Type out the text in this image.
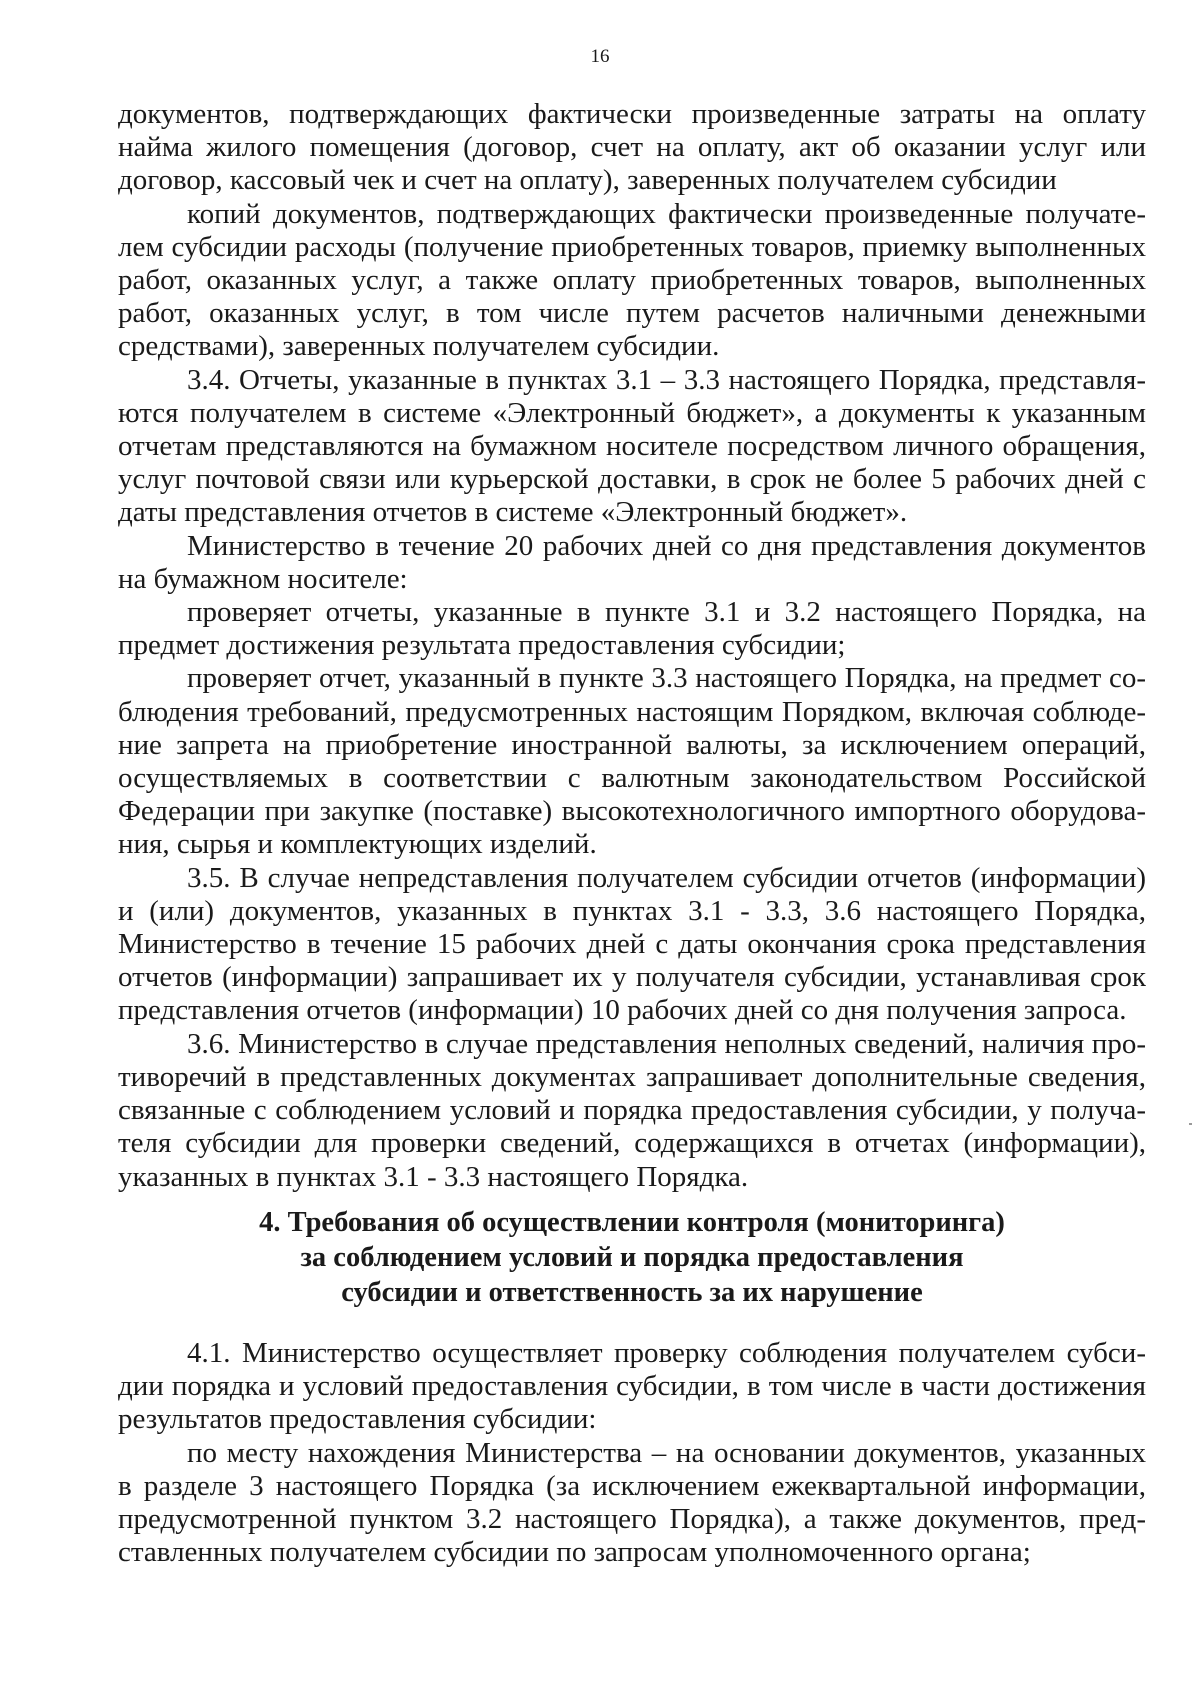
16

документов, подтверждающих фактически произведенные затраты на оплату найма жилого помещения (договор, счет на оплату, акт об оказании услуг или договор, кассовый чек и счет на оплату), заверенных получателем субсидии

копий документов, подтверждающих фактически произведенные получателем субсидии расходы (получение приобретенных товаров, приемку выполненных работ, оказанных услуг, а также оплату приобретенных товаров, выполненных работ, оказанных услуг, в том числе путем расчетов наличными денежными средствами), заверенных получателем субсидии.

3.4. Отчеты, указанные в пунктах 3.1 – 3.3 настоящего Порядка, представляются получателем в системе «Электронный бюджет», а документы к указанным отчетам представляются на бумажном носителе посредством личного обращения, услуг почтовой связи или курьерской доставки, в срок не более 5 рабочих дней с даты представления отчетов в системе «Электронный бюджет».

Министерство в течение 20 рабочих дней со дня представления документов на бумажном носителе:

проверяет отчеты, указанные в пункте 3.1 и 3.2 настоящего Порядка, на предмет достижения результата предоставления субсидии;

проверяет отчет, указанный в пункте 3.3 настоящего Порядка, на предмет соблюдения требований, предусмотренных настоящим Порядком, включая соблюдение запрета на приобретение иностранной валюты, за исключением операций, осуществляемых в соответствии с валютным законодательством Российской Федерации при закупке (поставке) высокотехнологичного импортного оборудования, сырья и комплектующих изделий.

3.5. В случае непредставления получателем субсидии отчетов (информации) и (или) документов, указанных в пунктах 3.1 - 3.3, 3.6 настоящего Порядка, Министерство в течение 15 рабочих дней с даты окончания срока представления отчетов (информации) запрашивает их у получателя субсидии, устанавливая срок представления отчетов (информации) 10 рабочих дней со дня получения запроса.

3.6. Министерство в случае представления неполных сведений, наличия противоречий в представленных документах запрашивает дополнительные сведения, связанные с соблюдением условий и порядка предоставления субсидии, у получателя субсидии для проверки сведений, содержащихся в отчетах (информации), указанных в пунктах 3.1 - 3.3 настоящего Порядка.

4. Требования об осуществлении контроля (мониторинга)
за соблюдением условий и порядка предоставления
субсидии и ответственность за их нарушение

4.1. Министерство осуществляет проверку соблюдения получателем субсидии порядка и условий предоставления субсидии, в том числе в части достижения результатов предоставления субсидии:

по месту нахождения Министерства – на основании документов, указанных в разделе 3 настоящего Порядка (за исключением ежеквартальной информации, предусмотренной пунктом 3.2 настоящего Порядка), а также документов, представленных получателем субсидии по запросам уполномоченного органа;
